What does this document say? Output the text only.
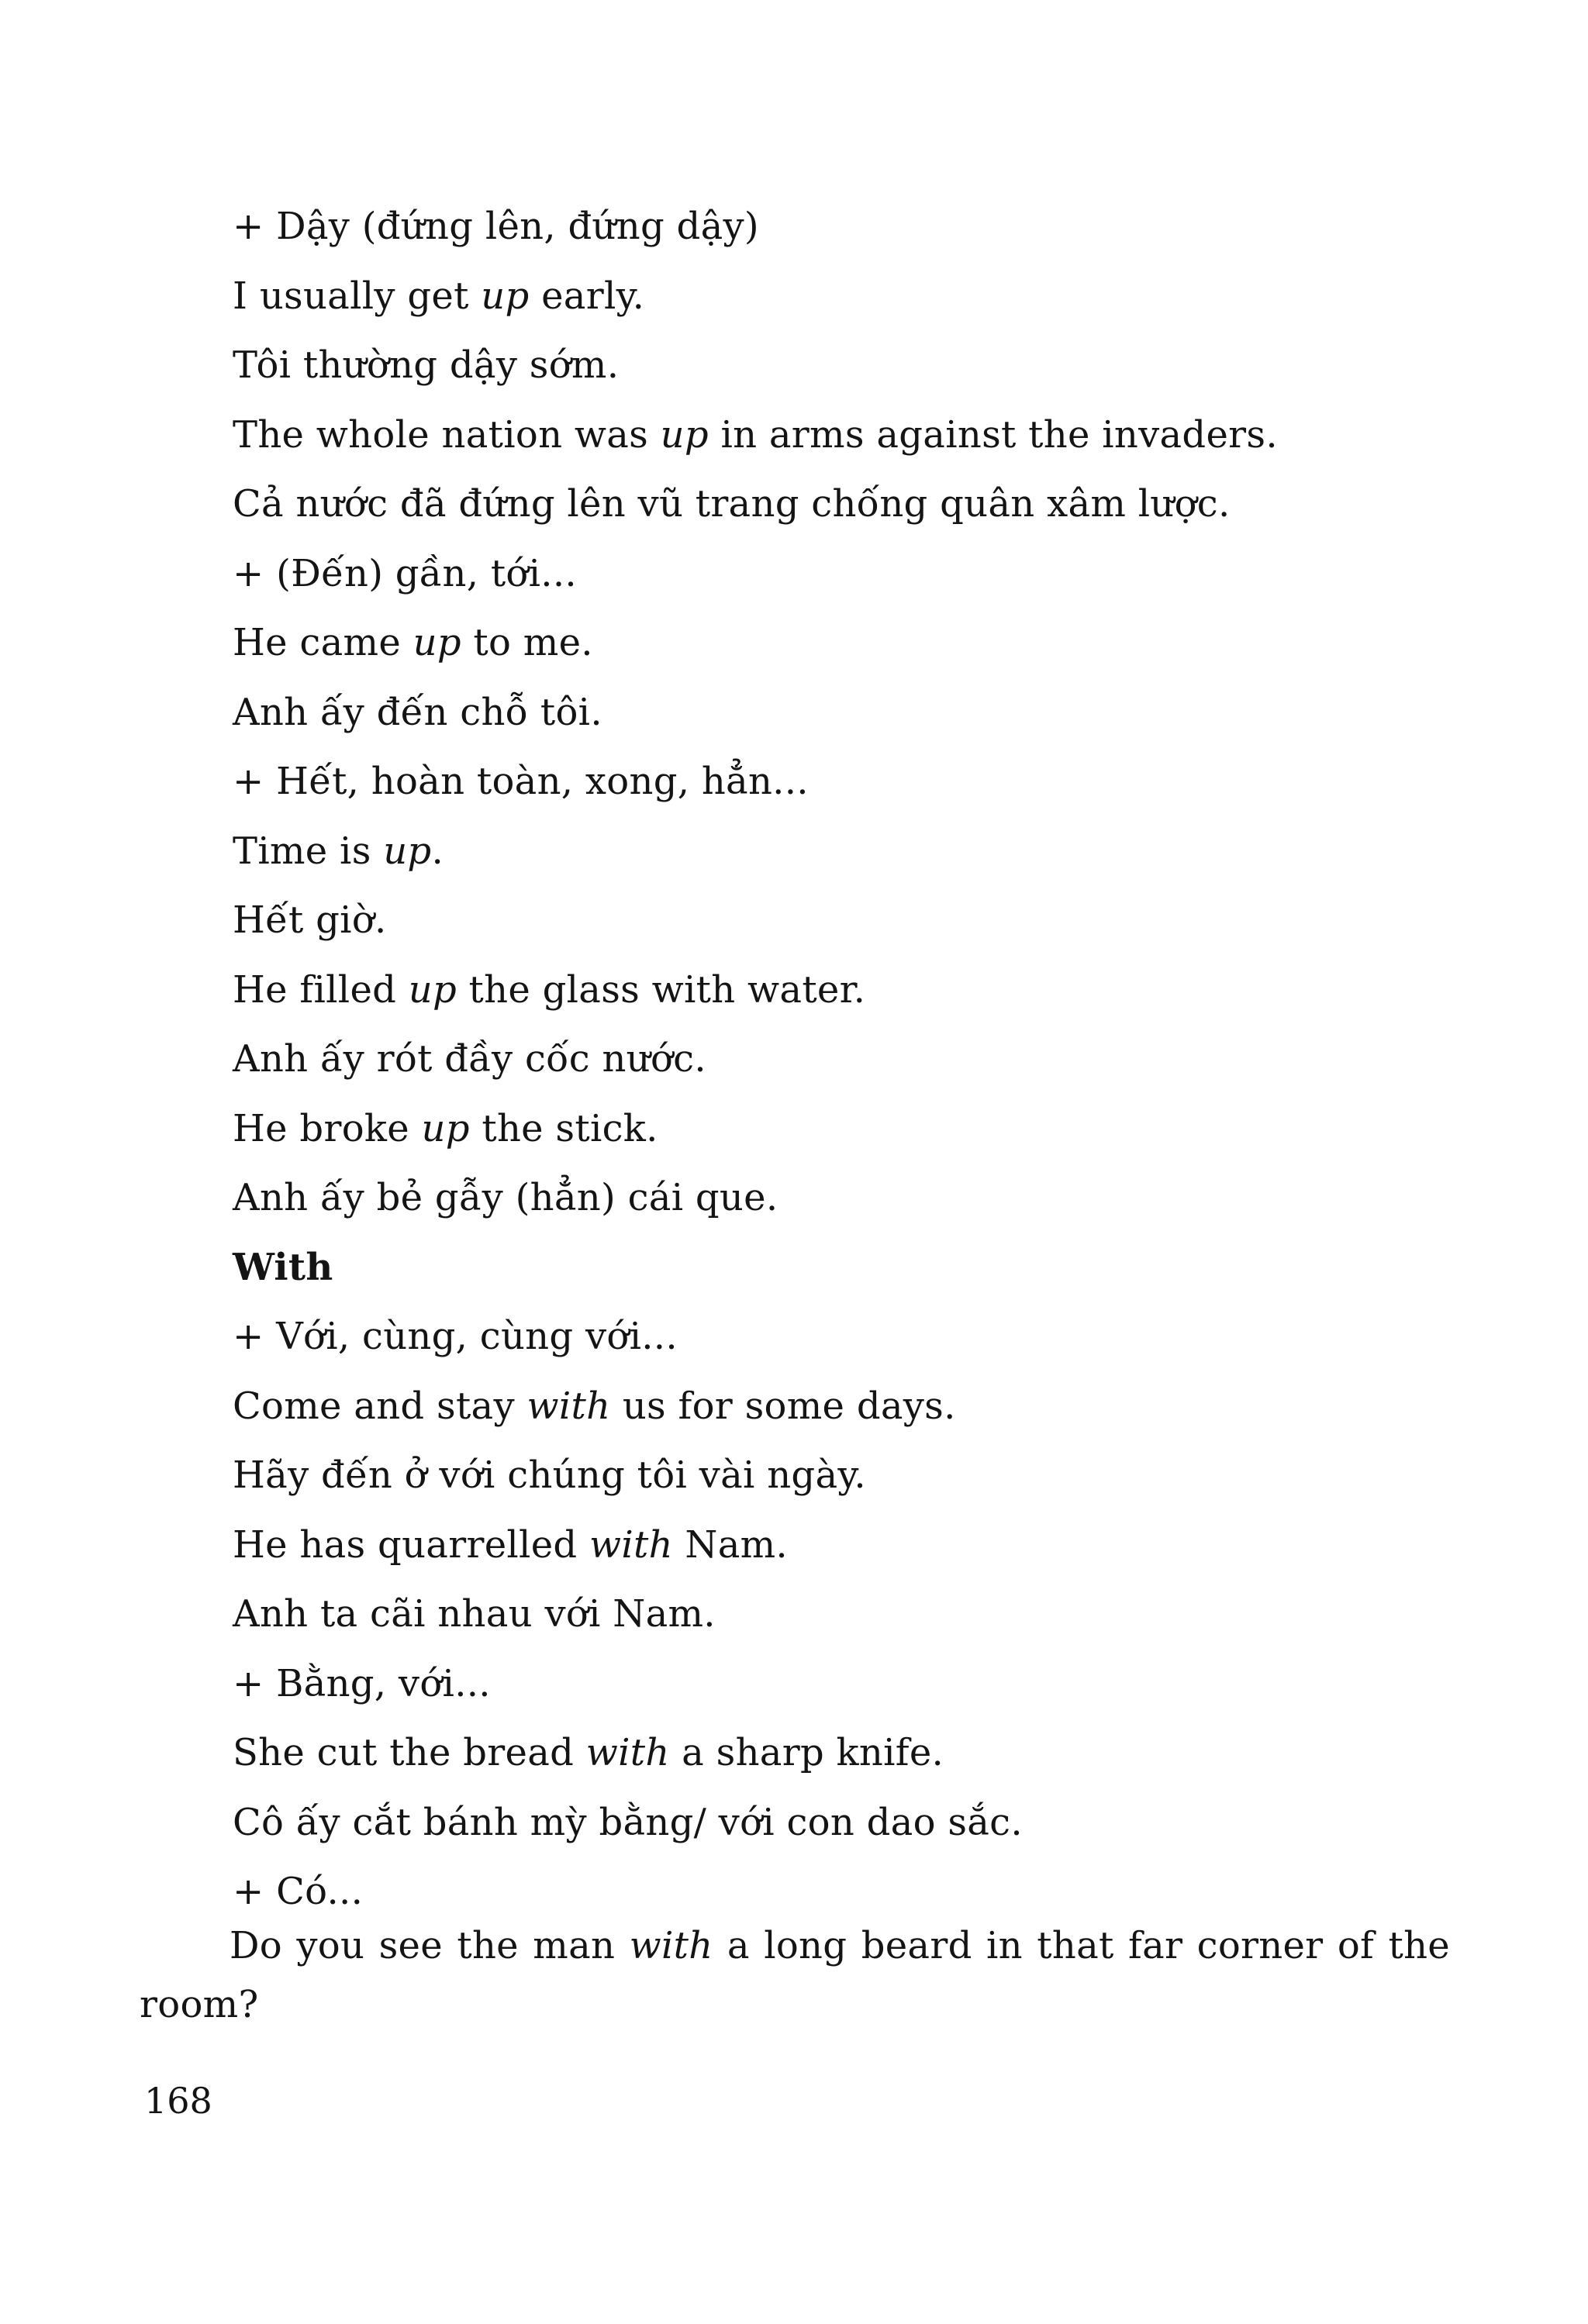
+ Dậy (đứng lên, đứng dậy)
I usually get up early.
Tôi thường dậy sớm.
The whole nation was up in arms against the invaders.
Cả nước đã đứng lên vũ trang chống quân xâm lược.
+ (Đến) gần, tới...
He came up to me.
Anh ấy đến chỗ tôi.
+ Hết, hoàn toàn, xong, hẳn...
Time is up.
Hết giờ.
He filled up the glass with water.
Anh ấy rót đầy cốc nước.
He broke up the stick.
Anh ấy bẻ gẫy (hẳn) cái que.
With
+ Với, cùng, cùng với...
Come and stay with us for some days.
Hãy đến ở với chúng tôi vài ngày.
He has quarrelled with Nam.
Anh ta cãi nhau với Nam.
+ Bằng, với...
She cut the bread with a sharp knife.
Cô ấy cắt bánh mỳ bằng/ với con dao sắc.
+ Có...
Do you see the man with a long beard in that far corner of the room?
168
